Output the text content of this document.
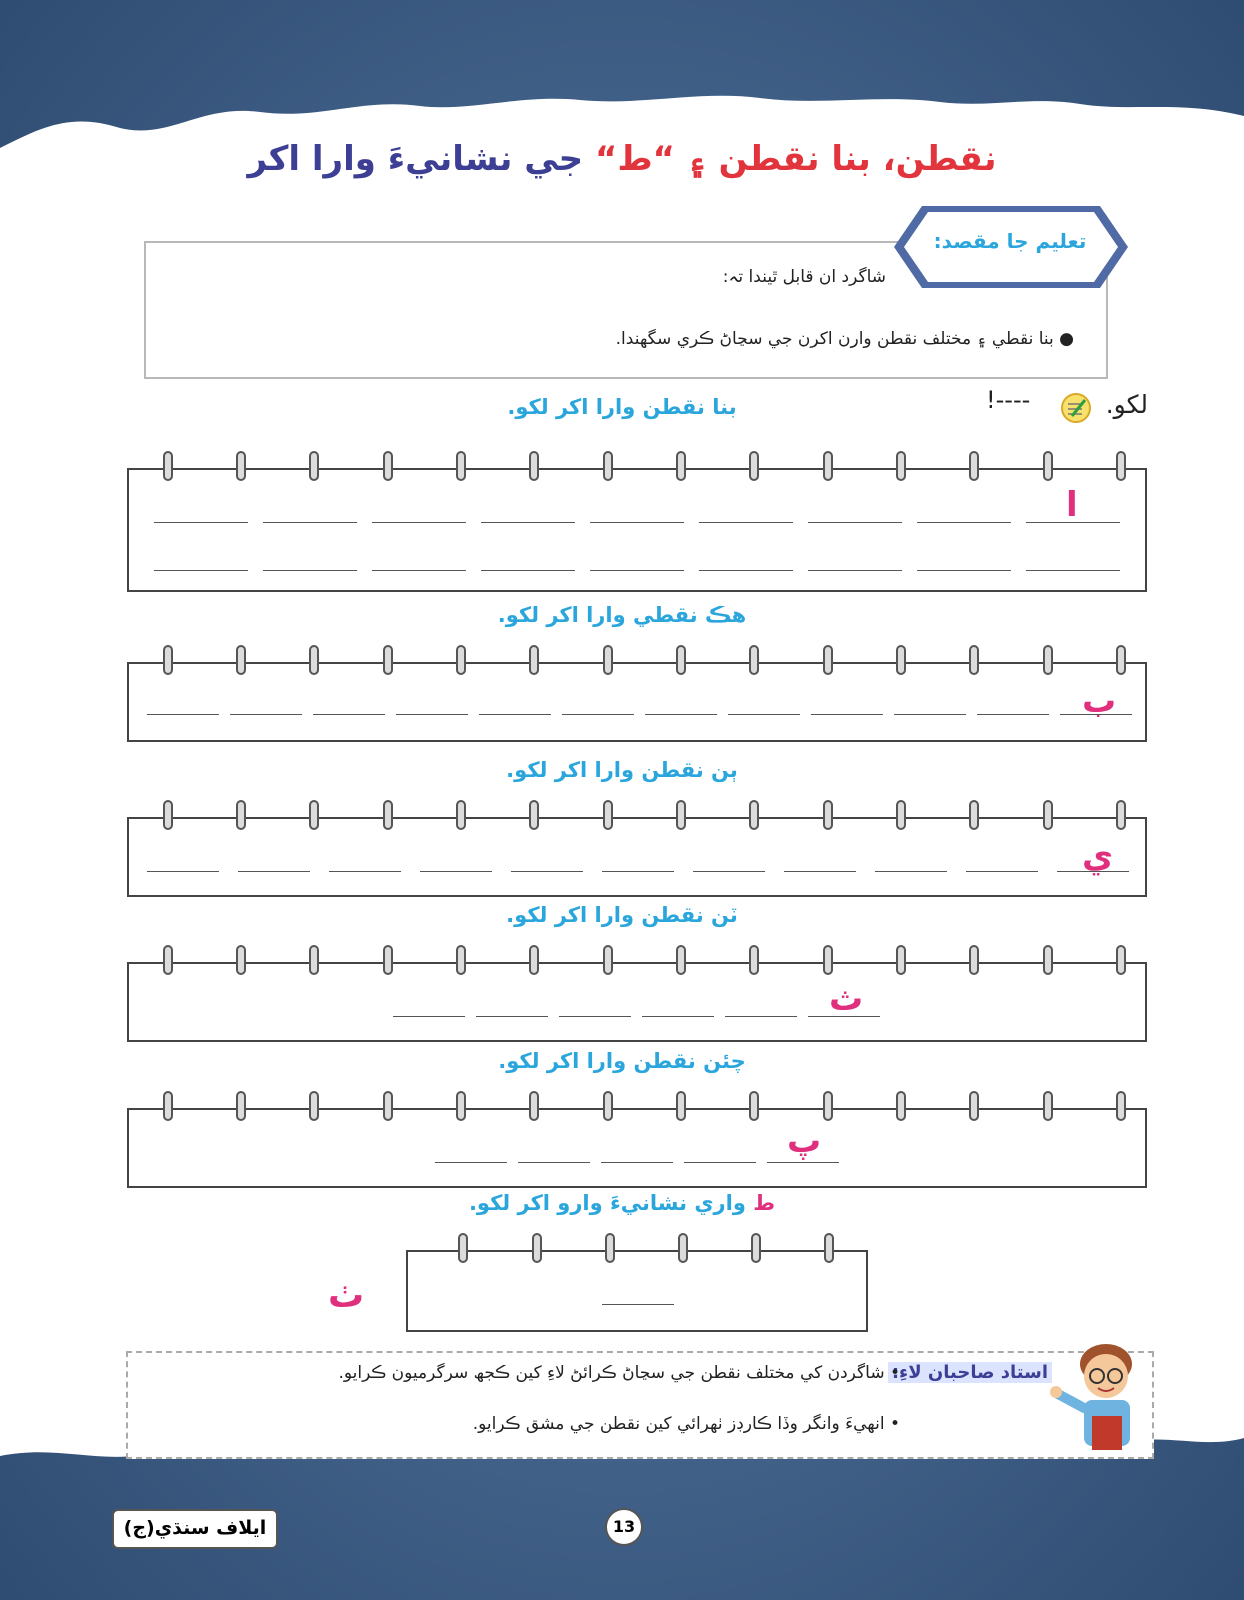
نقطن، بنا نقطن ۽ “ط“ جي نشانيءَ وارا اکر
تعليم جا مقصد:
شاگرد ان قابل ٿيندا تہ:
● بنا نقطي ۽ مختلف نقطن وارن اکرن جي سڃاڻ ڪري سگهندا.
لکو.
!----
بنا نقطن وارا اکر لکو.
ا
هڪ نقطي وارا اکر لکو.
ب
ٻن نقطن وارا اکر لکو.
ي
ٽن نقطن وارا اکر لکو.
ث
چئن نقطن وارا اکر لکو.
پ
ط واري نشانيءَ وارو اکر لکو.
ٺ
استاد صاحبان لاءِ:
• شاگردن کي مختلف نقطن جي سڃاڻ ڪرائڻ لاءِ کين ڪجھ سرگرميون ڪرايو.
• انهيءَ وانگر وڏا ڪارڊز ٺهرائي کين نقطن جي مشق ڪرايو.
ايلاف سنڌي(ج)	13
